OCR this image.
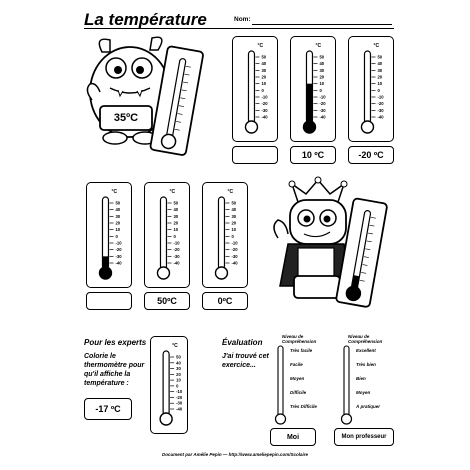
La température	Nom:
35ºC
50
40
30
20
10
0
-10
-20
-30
-40
°C
50
40
30
20
10
0
-10
-20
-30
-40
°C
10 ºC
50
40
30
20
10
0
-10
-20
-30
-40
°C
-20 ºC
50
40
30
20
10
0
-10
-20
-30
-40
°C
50
40
30
20
10
0
-10
-20
-30
-40
°C
50ºC
50
40
30
20
10
0
-10
-20
-30
-40
°C
0ºC
Pour les experts
Colorie le thermomètre pour qu'il affiche la température :
-17 ºC
50
40
30
20
10
0
-10
-20
-30
-40
°C	Évaluation
J'ai trouvé cet exercice...
Niveau de Compréhension
Niveau de Compréhension
Très facile
Facile
Moyen
Difficile
Très Difficile
Excellent
Très bien
Bien
Moyen
À pratiquer
Moi	Mon professeur
Document par Amélie Pepin — http://www.ameliepepin.com/Scolaire
